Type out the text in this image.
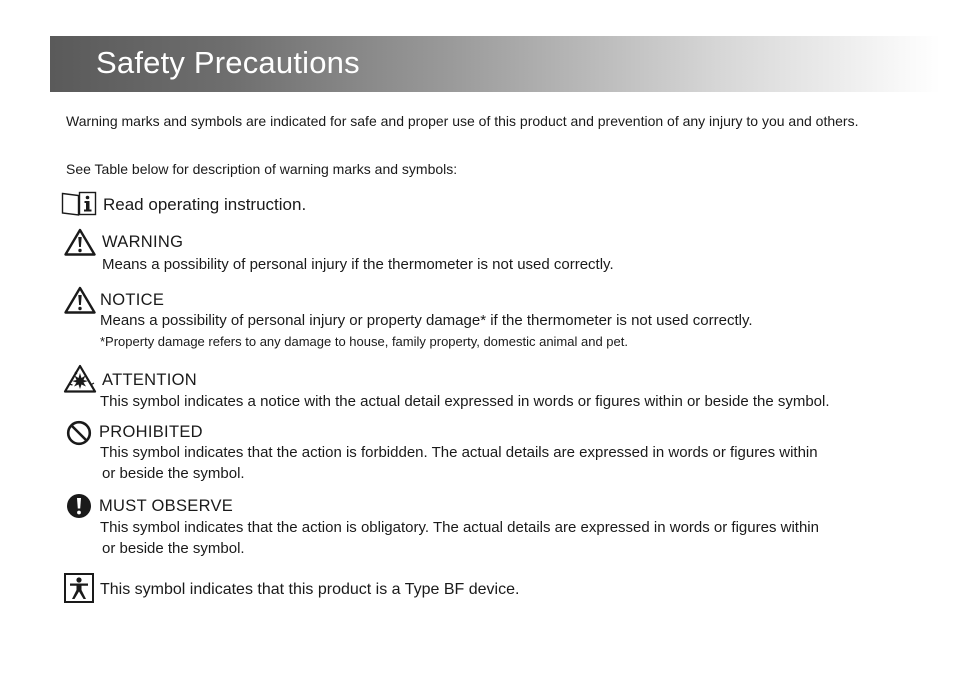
Safety Precautions
Warning marks and symbols are indicated for safe and proper use of this product and prevention of any injury to you and others.
See Table below for description of warning marks and symbols:
Read operating instruction.
WARNING
Means a possibility of personal injury if the thermometer is not used correctly.
NOTICE
Means a possibility of personal injury or property damage* if the thermometer is not used correctly.
*Property damage refers to any damage to house, family property, domestic animal and pet.
ATTENTION
This symbol indicates a notice with the actual detail expressed in words or figures within or beside the symbol.
PROHIBITED
This symbol indicates that the action is forbidden. The actual details are expressed in words or figures within
or beside the symbol.
MUST OBSERVE
This symbol indicates that the action is obligatory. The actual details are expressed in words or figures within
or beside the symbol.
This symbol indicates that this product is a Type BF device.
